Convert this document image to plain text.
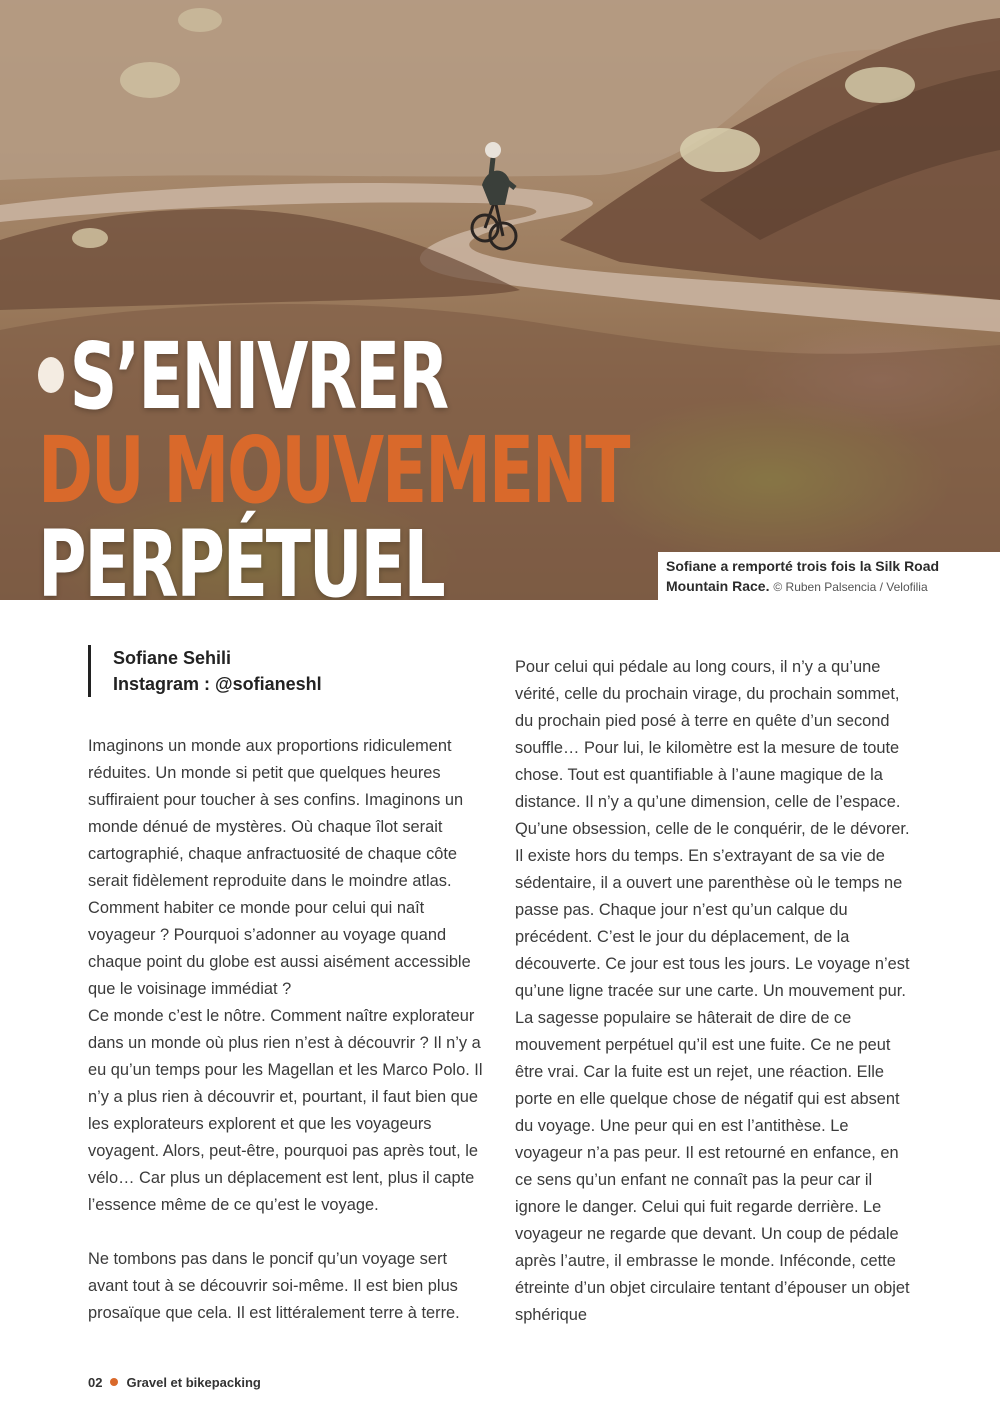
S’ENIVRER
DU MOUVEMENT
PERPÉTUEL	Sofiane a remporté trois fois la Silk Road Mountain Race. © Ruben Palsencia / Velofilia
Sofiane Sehili
Instagram : @sofianeshl

Imaginons un monde aux proportions ridiculement réduites. Un monde si petit que quelques heures suffiraient pour toucher à ses confins. Imaginons un monde dénué de mystères. Où chaque îlot serait cartographié, chaque anfractuosité de chaque côte serait fidèlement reproduite dans le moindre atlas. Comment habiter ce monde pour celui qui naît voyageur ? Pourquoi s’adonner au voyage quand chaque point du globe est aussi aisément accessible que le voisinage immédiat ?

Ce monde c’est le nôtre. Comment naître explorateur dans un monde où plus rien n’est à découvrir ? Il n’y a eu qu’un temps pour les Magellan et les Marco Polo. Il n’y a plus rien à découvrir et, pourtant, il faut bien que les explorateurs explorent et que les voyageurs voyagent. Alors, peut-être, pourquoi pas après tout, le vélo… Car plus un déplacement est lent, plus il capte l’essence même de ce qu’est le voyage.

Ne tombons pas dans le poncif qu’un voyage sert avant tout à se découvrir soi-même. Il est bien plus prosaïque que cela. Il est littéralement terre à terre.

Pour celui qui pédale au long cours, il n’y a qu’une vérité, celle du prochain virage, du prochain sommet, du prochain pied posé à terre en quête d’un second souffle… Pour lui, le kilomètre est la mesure de toute chose. Tout est quantifiable à l’aune magique de la distance. Il n’y a qu’une dimension, celle de l’espace. Qu’une obsession, celle de le conquérir, de le dévorer. Il existe hors du temps. En s’extrayant de sa vie de sédentaire, il a ouvert une parenthèse où le temps ne passe pas. Chaque jour n’est qu’un calque du précédent. C’est le jour du déplacement, de la découverte. Ce jour est tous les jours. Le voyage n’est qu’une ligne tracée sur une carte. Un mouvement pur.

La sagesse populaire se hâterait de dire de ce mouvement perpétuel qu’il est une fuite. Ce ne peut être vrai. Car la fuite est un rejet, une réaction. Elle porte en elle quelque chose de négatif qui est absent du voyage. Une peur qui en est l’antithèse. Le voyageur n’a pas peur. Il est retourné en enfance, en ce sens qu’un enfant ne connaît pas la peur car il ignore le danger. Celui qui fuit regarde derrière. Le voyageur ne regarde que devant. Un coup de pédale après l’autre, il embrasse le monde. Inféconde, cette étreinte d’un objet circulaire tentant d’épouser un objet sphérique

02 Gravel et bikepacking
